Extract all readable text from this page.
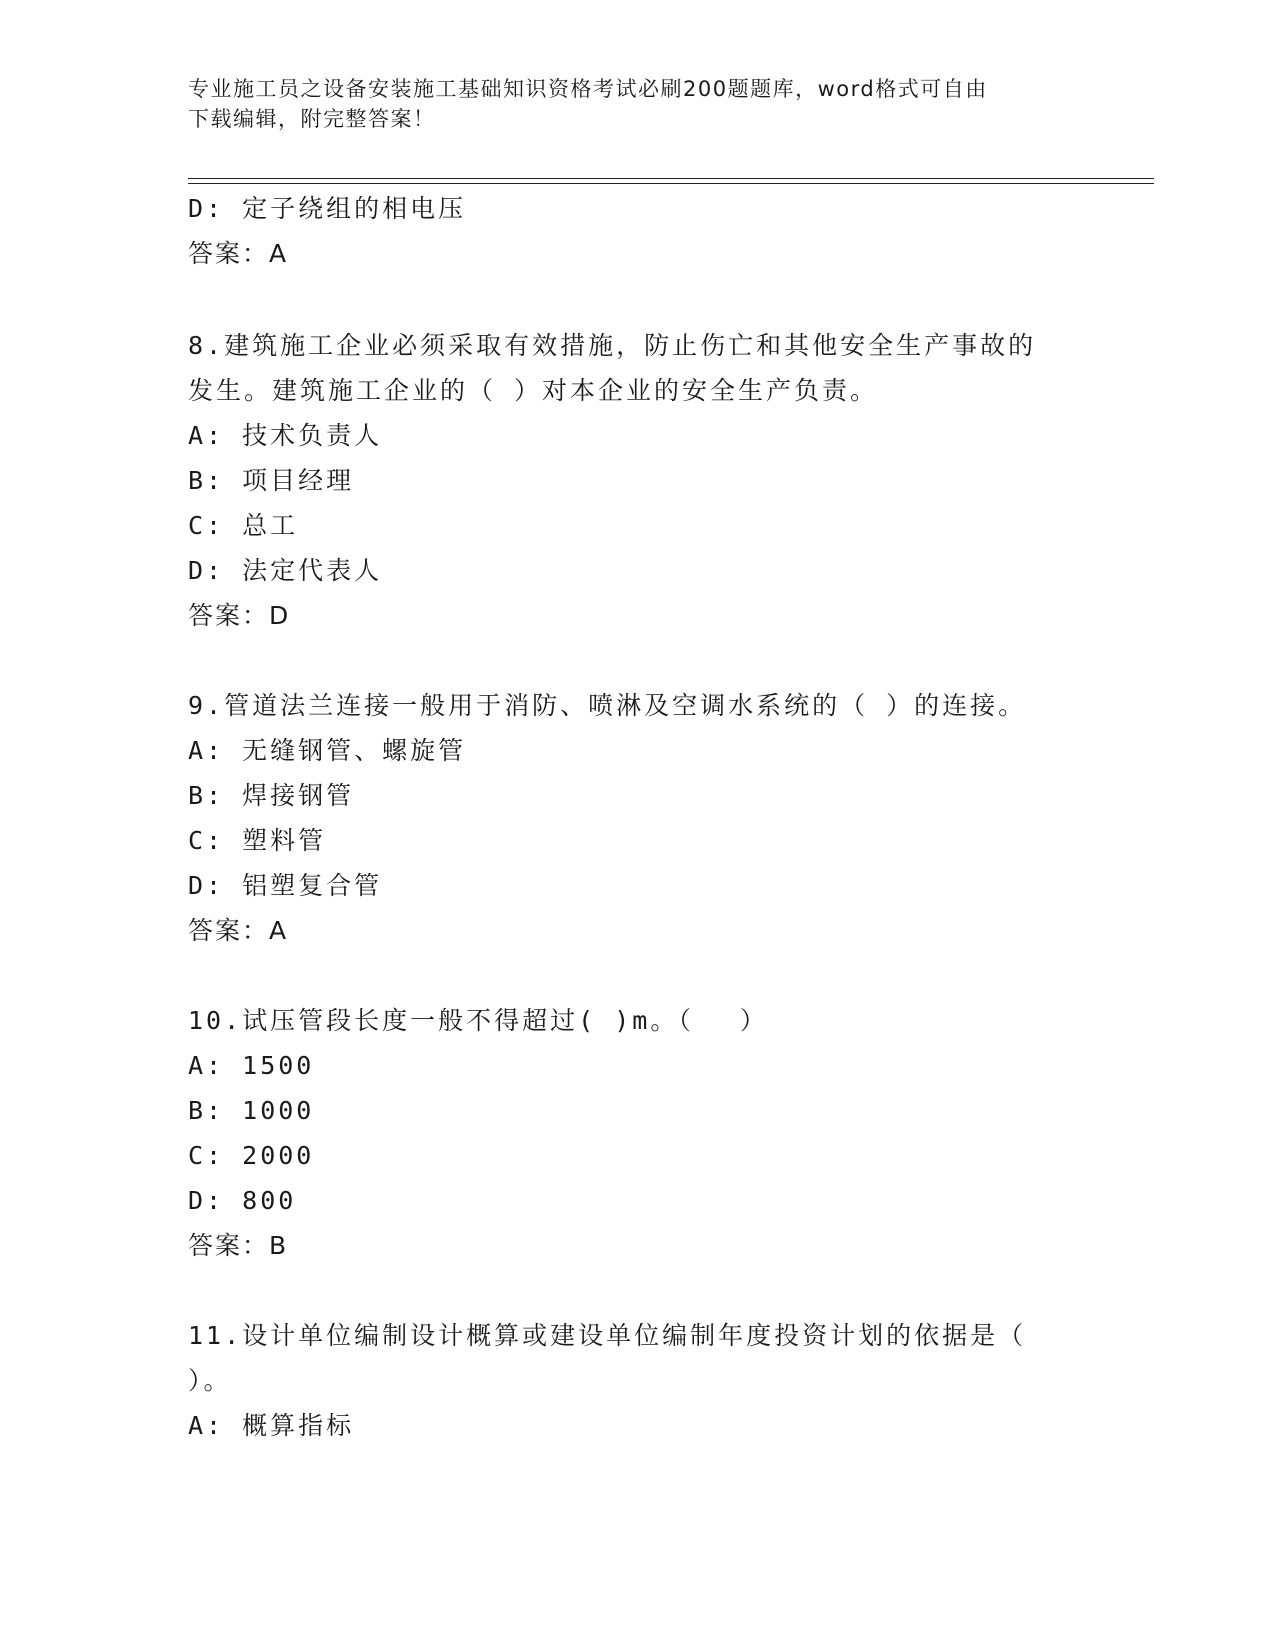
专业施工员之设备安装施工基础知识资格考试必刷200题题库，word格式可自由
下载编辑，附完整答案！
D: 定子绕组的相电压
答案：A
8.建筑施工企业必须采取有效措施，防止伤亡和其他安全生产事故的
发生。建筑施工企业的（ ）对本企业的安全生产负责。
A: 技术负责人
B: 项目经理
C: 总工
D: 法定代表人
答案：D
9.管道法兰连接一般用于消防、喷淋及空调水系统的（ ）的连接。
A: 无缝钢管、螺旋管
B: 焊接钢管
C: 塑料管
D: 铝塑复合管
答案：A
10.试压管段长度一般不得超过( )m。（　 ）
A: 1500
B: 1000
C: 2000
D: 800
答案：B
11.设计单位编制设计概算或建设单位编制年度投资计划的依据是（
）。
A: 概算指标
